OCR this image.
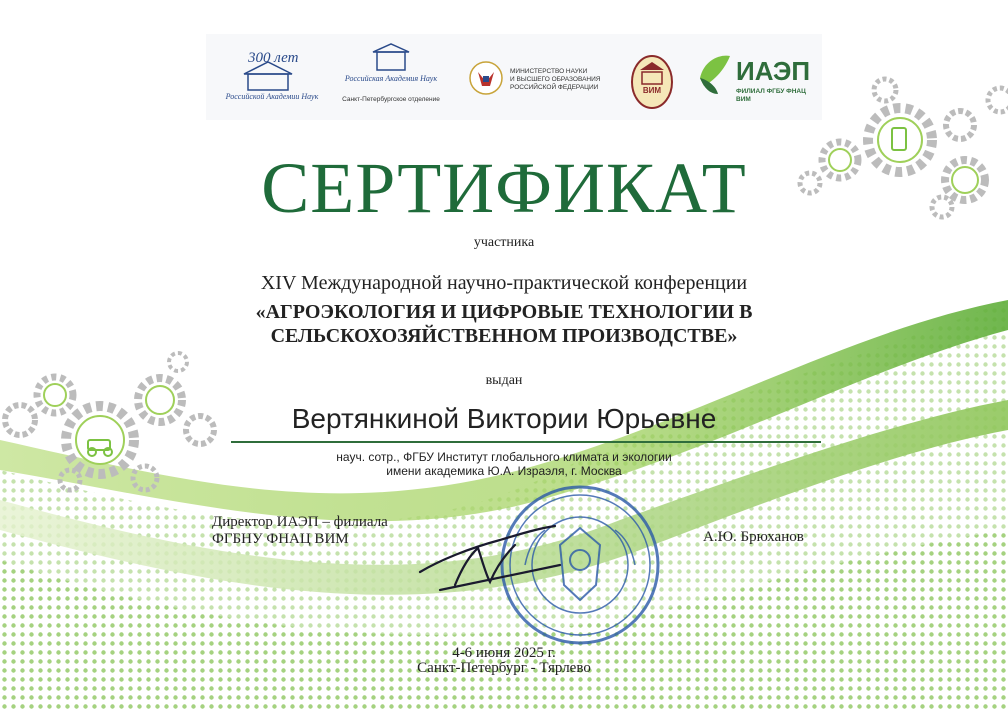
300 лет
Российской Академии Наук
Российская Академия Наук
Санкт-Петербургское отделение
МИНИСТЕРСТВО НАУКИ
И ВЫСШЕГО ОБРАЗОВАНИЯ
РОССИЙСКОЙ ФЕДЕРАЦИИ	ВИМ
ИАЭП
ФИЛИАЛ ФГБУ ФНАЦ ВИМ
СЕРТИФИКАТ
участника
XIV Международной научно-практической конференции
«АГРОЭКОЛОГИЯ И ЦИФРОВЫЕ ТЕХНОЛОГИИ В
СЕЛЬСКОХОЗЯЙСТВЕННОМ ПРОИЗВОДСТВЕ»
выдан
Вертянкиной Виктории Юрьевне
науч. сотр., ФГБУ Институт глобального климата и экологии
имени академика Ю.А. Израэля, г. Москва
Директор ИАЭП – филиала
ФГБНУ ФНАЦ ВИМ	А.Ю. Брюханов
4-6 июня 2025 г.
Санкт-Петербург - Тярлево
